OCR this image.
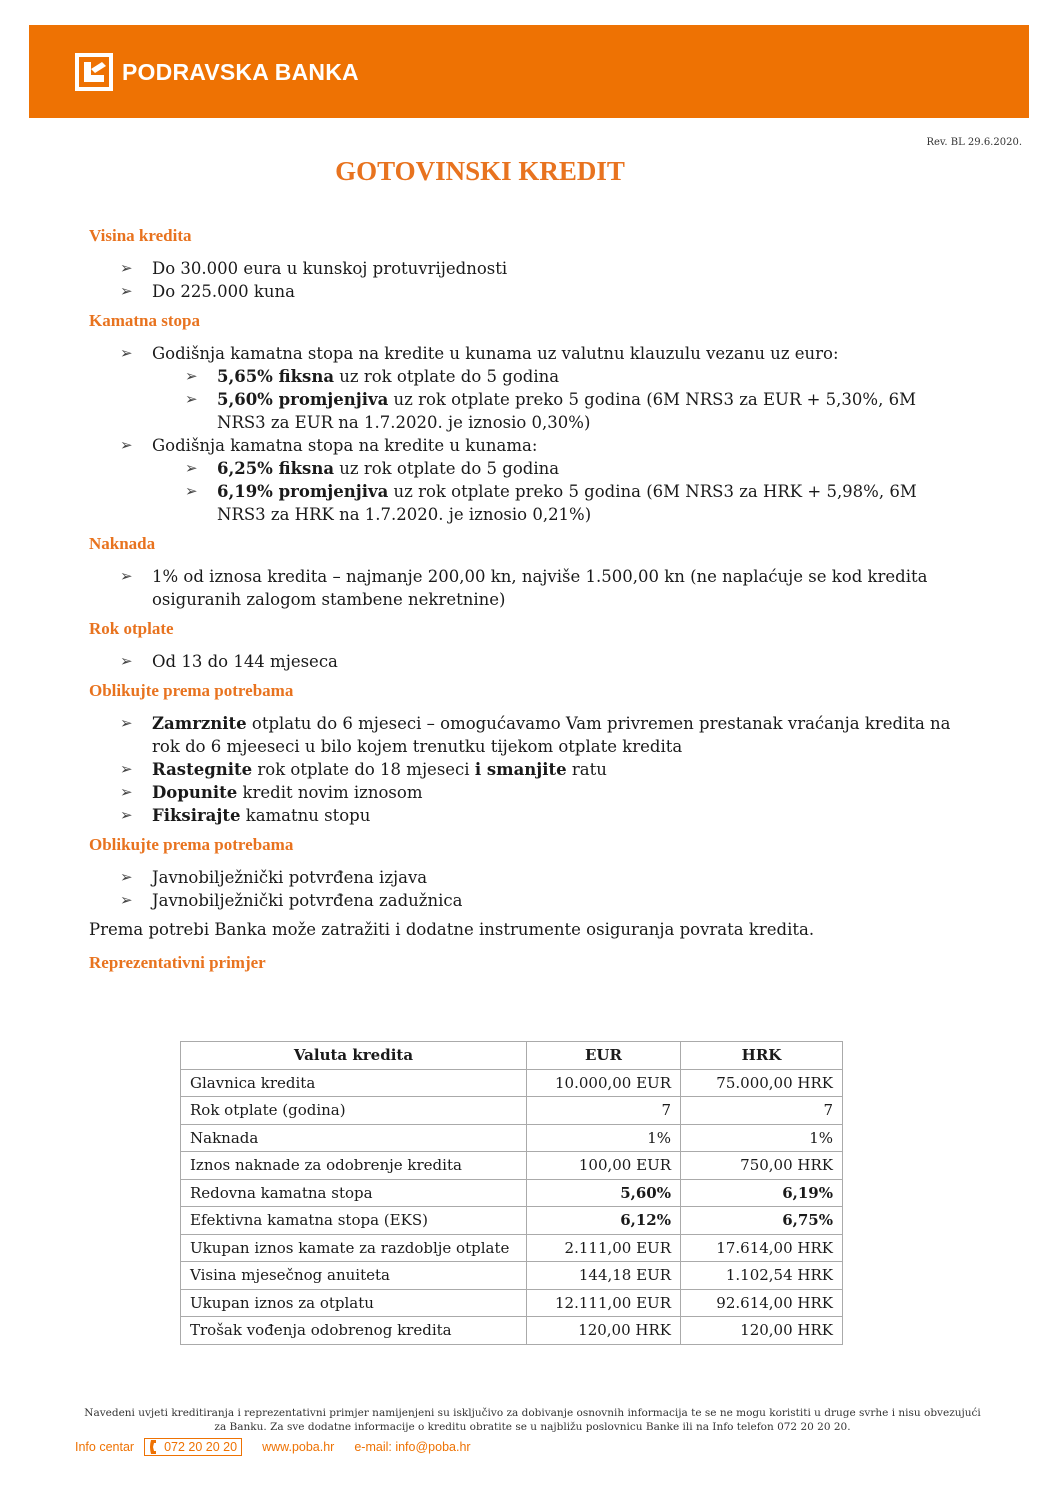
PODRAVSKA BANKA
Rev. BL 29.6.2020.
GOTOVINSKI KREDIT
Visina kredita
➢ Do 30.000 eura u kunskoj protuvrijednosti
➢ Do 225.000 kuna
Kamatna stopa
➢ Godišnja kamatna stopa na kredite u kunama uz valutnu klauzulu vezanu uz euro:
➢ 5,65% fiksna uz rok otplate do 5 godina
➢ 5,60% promjenjiva uz rok otplate preko 5 godina (6M NRS3 za EUR + 5,30%, 6M NRS3 za EUR na 1.7.2020. je iznosio 0,30%)
➢ Godišnja kamatna stopa na kredite u kunama:
➢ 6,25% fiksna uz rok otplate do 5 godina
➢ 6,19% promjenjiva uz rok otplate preko 5 godina (6M NRS3 za HRK + 5,98%, 6M NRS3 za HRK na 1.7.2020. je iznosio 0,21%)
Naknada
➢ 1% od iznosa kredita – najmanje 200,00 kn, najviše 1.500,00 kn (ne naplaćuje se kod kredita osiguranih zalogom stambene nekretnine)
Rok otplate
➢ Od 13 do 144 mjeseca
Oblikujte prema potrebama
➢ Zamrznite otplatu do 6 mjeseci – omogućavamo Vam privremen prestanak vraćanja kredita na rok do 6 mjeeseci u bilo kojem trenutku tijekom otplate kredita
➢ Rastegnite rok otplate do 18 mjeseci i smanjite ratu
➢ Dopunite kredit novim iznosom
➢ Fiksirajte kamatnu stopu
Oblikujte prema potrebama
➢ Javnobilježnički potvrđena izjava
➢ Javnobilježnički potvrđena zadužnica

Prema potrebi Banka može zatražiti i dodatne instrumente osiguranja povrata kredita.

Reprezentativni primjer
Valuta kredita	EUR	HRK
Glavnica kredita	10.000,00 EUR	75.000,00 HRK
Rok otplate (godina)	7	7
Naknada	1%	1%
Iznos naknade za odobrenje kredita	100,00 EUR	750,00 HRK
Redovna kamatna stopa	5,60%	6,19%
Efektivna kamatna stopa (EKS)	6,12%	6,75%
Ukupan iznos kamate za razdoblje otplate	2.111,00 EUR	17.614,00 HRK
Visina mjesečnog anuiteta	144,18 EUR	1.102,54 HRK
Ukupan iznos za otplatu	12.111,00 EUR	92.614,00 HRK
Trošak vođenja odobrenog kredita	120,00 HRK	120,00 HRK
Navedeni uvjeti kreditiranja i reprezentativni primjer namijenjeni su isključivo za dobivanje osnovnih informacija te se ne mogu koristiti u druge svrhe i nisu obvezujući za Banku. Za sve dodatne informacije o kreditu obratite se u najbližu poslovnicu Banke ili na Info telefon 072 20 20 20.
Info centar 072 20 20 20 www.poba.hr e-mail: info@poba.hr
